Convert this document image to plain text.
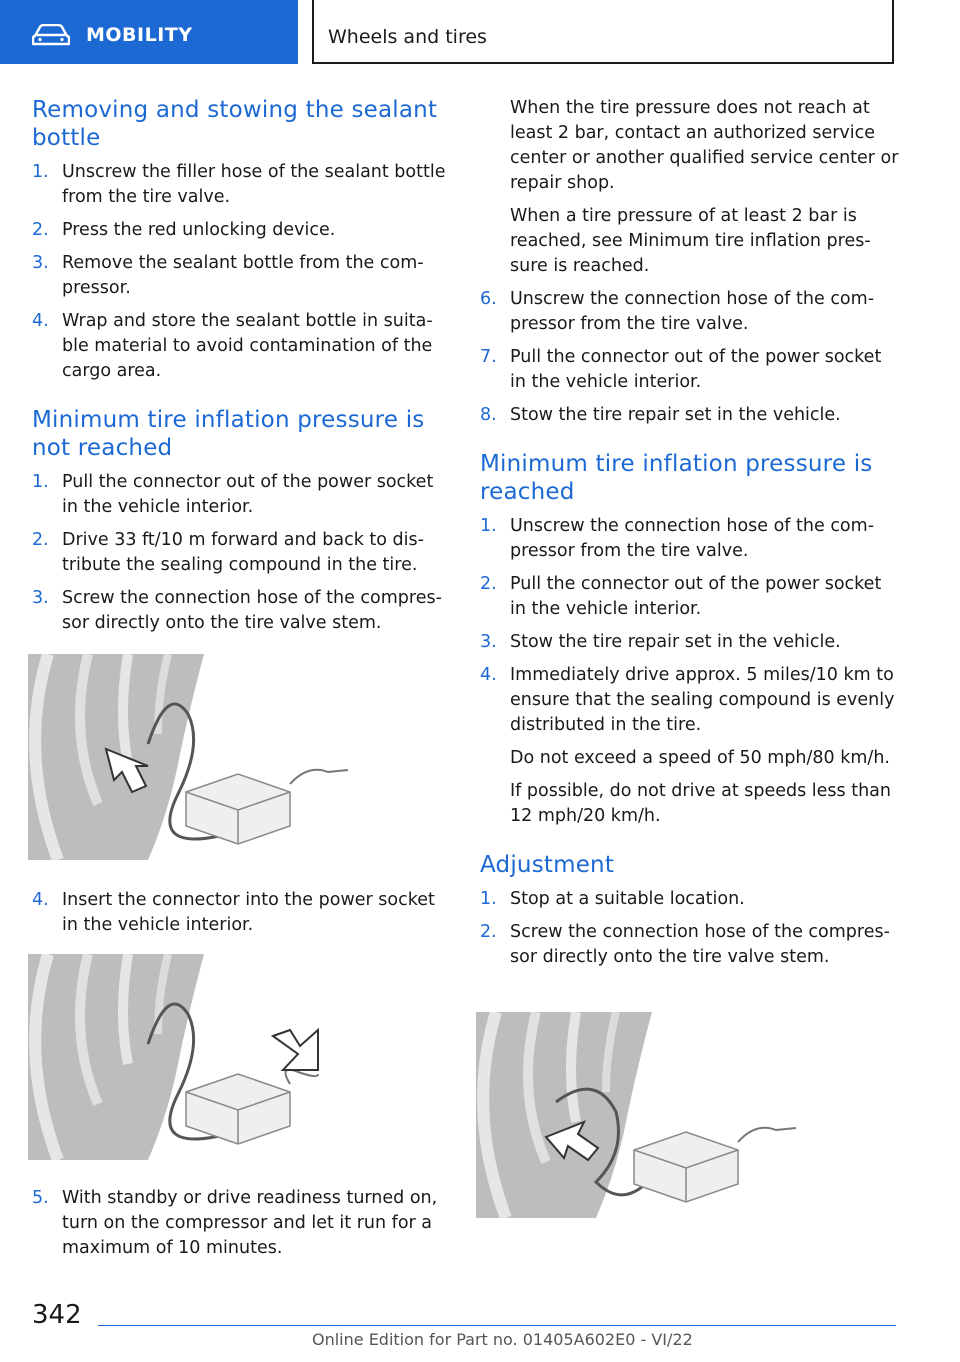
MOBILITY	Wheels and tires
Removing and stowing the sealant bottle
1. Unscrew the filler hose of the sealant bottle from the tire valve.
2. Press the red unlocking device.
3. Remove the sealant bottle from the com‐pressor.
4. Wrap and store the sealant bottle in suita‐ble material to avoid contamination of the cargo area.
Minimum tire inflation pressure is not reached
1. Pull the connector out of the power socket in the vehicle interior.
2. Drive 33 ft/10 m forward and back to dis‐tribute the sealing compound in the tire.
3. Screw the connection hose of the compres‐sor directly onto the tire valve stem.
4. Insert the connector into the power socket in the vehicle interior.
5. With standby or drive readiness turned on, turn on the compressor and let it run for a maximum of 10 minutes.
When the tire pressure does not reach at least 2 bar, contact an authorized service center or another qualified service center or repair shop.
When a tire pressure of at least 2 bar is reached, see Minimum tire inflation pres‐sure is reached.
6. Unscrew the connection hose of the com‐pressor from the tire valve.
7. Pull the connector out of the power socket in the vehicle interior.
8. Stow the tire repair set in the vehicle.
Minimum tire inflation pressure is reached
1. Unscrew the connection hose of the com‐pressor from the tire valve.
2. Pull the connector out of the power socket in the vehicle interior.
3. Stow the tire repair set in the vehicle.
4. Immediately drive approx. 5 miles/10 km to ensure that the sealing compound is evenly distributed in the tire.
Do not exceed a speed of 50 mph/80 km/h.
If possible, do not drive at speeds less than 12 mph/20 km/h.
Adjustment
1. Stop at a suitable location.
2. Screw the connection hose of the compres‐sor directly onto the tire valve stem.
342
Online Edition for Part no. 01405A602E0 - VI/22
